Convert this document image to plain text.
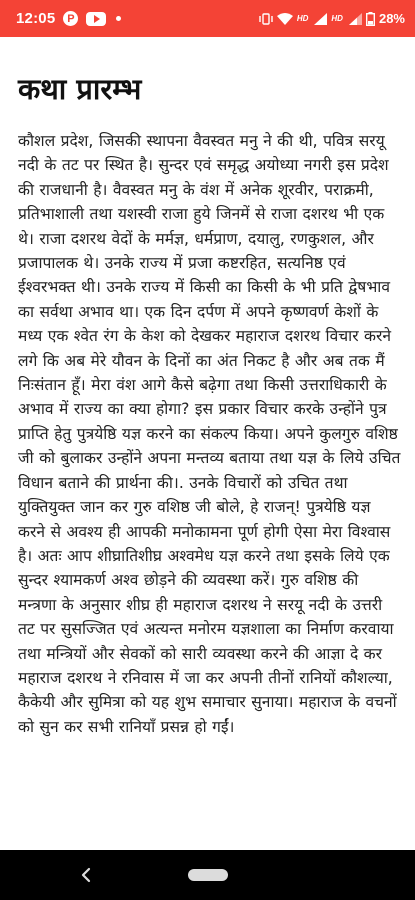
12:05	P	HD	HD	28%
कथा प्रारम्भ

कौशल प्रदेश, जिसकी स्थापना वैवस्वत मनु ने की थी, पवित्र सरयू नदी के तट पर स्थित है। सुन्दर एवं समृद्ध अयोध्या नगरी इस प्रदेश की राजधानी है। वैवस्वत मनु के वंश में अनेक शूरवीर, पराक्रमी, प्रतिभाशाली तथा यशस्वी राजा हुये जिनमें से राजा दशरथ भी एक थे। राजा दशरथ वेदों के मर्मज्ञ, धर्मप्राण, दयालु, रणकुशल, और प्रजापालक थे। उनके राज्य में प्रजा कष्टरहित, सत्यनिष्ठ एवं ईश्वरभक्त थी। उनके राज्य में किसी का किसी के भी प्रति द्वेषभाव का सर्वथा अभाव था। एक दिन दर्पण में अपने कृष्णवर्ण केशों के मध्य एक श्वेत रंग के केश को देखकर महाराज दशरथ विचार करने लगे कि अब मेरे यौवन के दिनों का अंत निकट है और अब तक मैं निःसंतान हूँ। मेरा वंश आगे कैसे बढ़ेगा तथा किसी उत्तराधिकारी के अभाव में राज्य का क्या होगा? इस प्रकार विचार करके उन्होंने पुत्र प्राप्ति हेतु पुत्रयेष्ठि यज्ञ करने का संकल्प किया। अपने कुलगुरु वशिष्ठ जी को बुलाकर उन्होंने अपना मन्तव्य बताया तथा यज्ञ के लिये उचित विधान बताने की प्रार्थना की।. उनके विचारों को उचित तथा युक्तियुक्त जान कर गुरु वशिष्ठ जी बोले, हे राजन्! पुत्रयेष्ठि यज्ञ करने से अवश्य ही आपकी मनोकामना पूर्ण होगी ऐसा मेरा विश्वास है। अतः आप शीघ्रातिशीघ्र अश्वमेध यज्ञ करने तथा इसके लिये एक सुन्दर श्यामकर्ण अश्व छोड़ने की व्यवस्था करें। गुरु वशिष्ठ की मन्त्रणा के अनुसार शीघ्र ही महाराज दशरथ ने सरयू नदी के उत्तरी तट पर सुसज्जित एवं अत्यन्त मनोरम यज्ञशाला का निर्माण करवाया तथा मन्त्रियों और सेवकों को सारी व्यवस्था करने की आज्ञा दे कर महाराज दशरथ ने रनिवास में जा कर अपनी तीनों रानियों कौशल्या, कैकेयी और सुमित्रा को यह शुभ समाचार सुनाया। महाराज के वचनों को सुन कर सभी रानियाँ प्रसन्न हो गईं।
